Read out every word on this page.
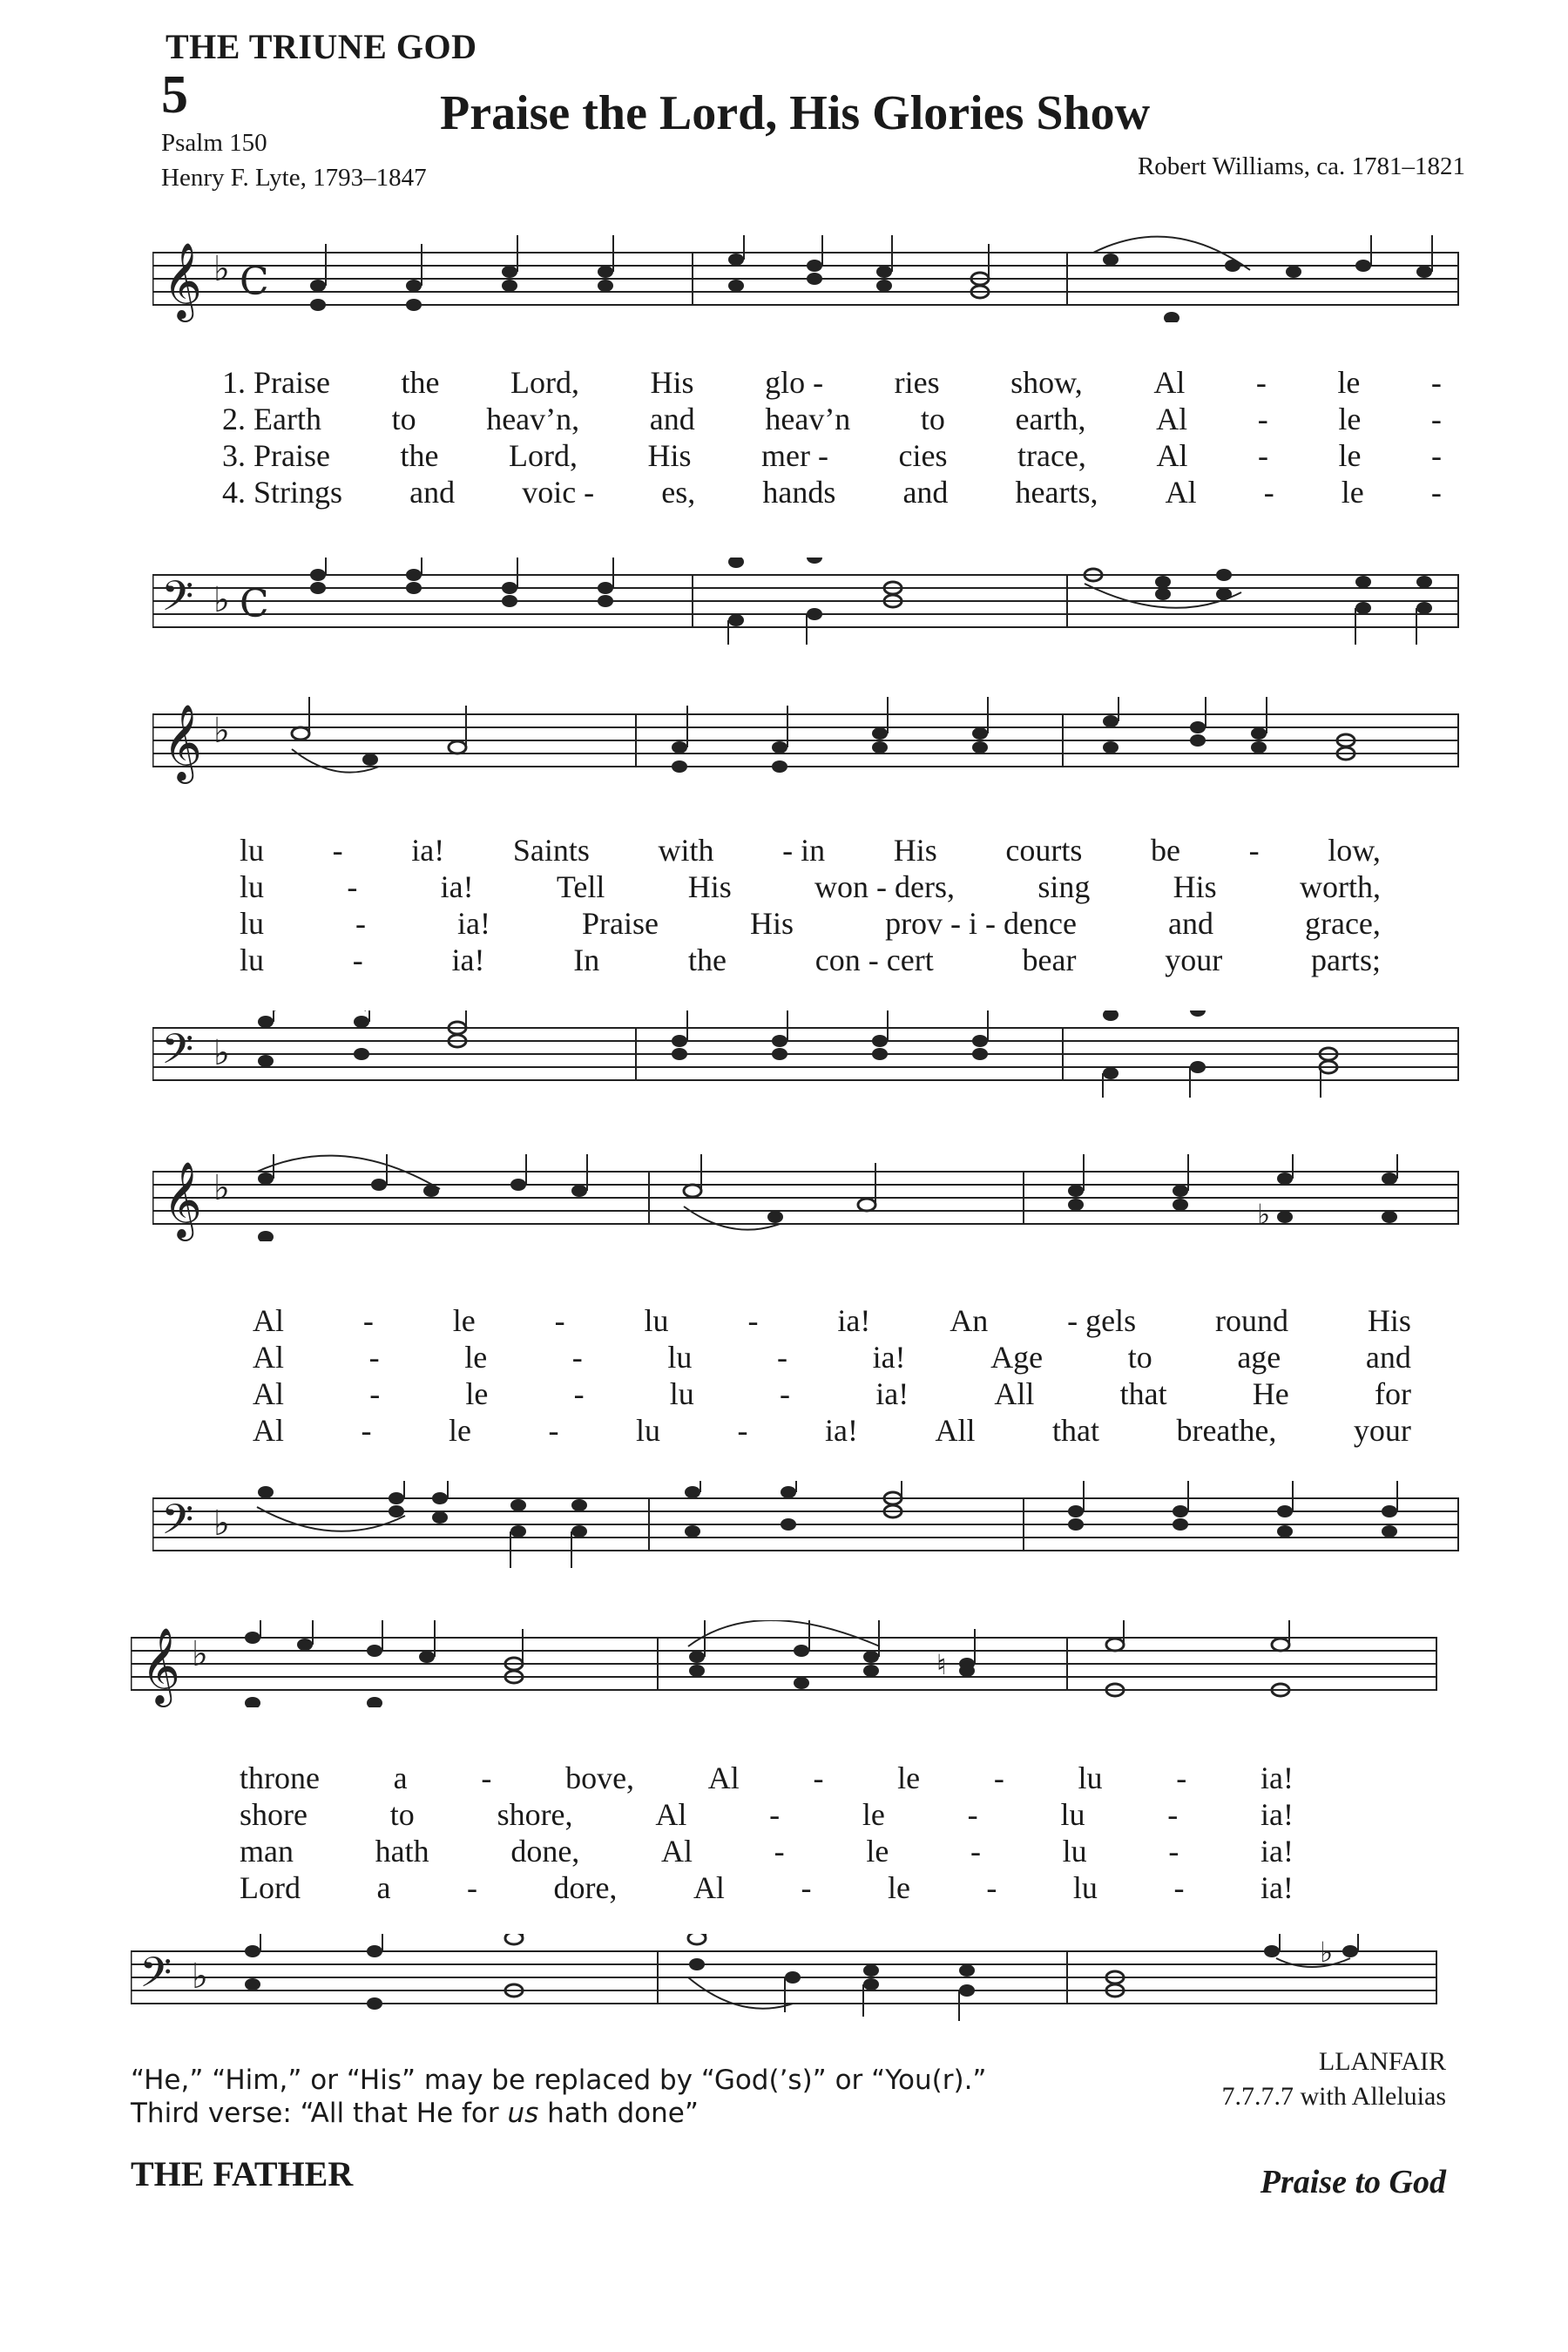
THE TRIUNE GOD
5	Praise the Lord, His Glories Show
Psalm 150
Henry F. Lyte, 1793–1847	Robert Williams, ca. 1781–1821
𝄞 ♭ C
1. Praise the Lord, His glo - ries show, Al - le -
2. Earth to heav’n, and heav’n to earth, Al - le -
3. Praise the Lord, His mer - cies trace, Al - le -
4. Strings and voic - es, hands and hearts, Al - le -
𝄢 ♭ C
𝄞 ♭
lu - ia! Saints with - in His courts be - low,
lu	-	ia!	Tell	His	won - ders,	sing	His	worth,
lu	-	ia!	Praise	His	prov - i - dence	and	grace,
lu	-	ia!	In	the	con - cert	bear	your	parts;
𝄢 ♭
𝄞 ♭
♭
Al	-	le	-	lu	-	ia!	An	- gels	round	His
Al	-	le	-	lu	-	ia!	Age	to	age	and
Al	-	le	-	lu	-	ia!	All	that	He	for
Al - le - lu - ia! All that breathe, your
𝄢 ♭
𝄞 ♭	♮
throne a - bove, Al - le - lu - ia!
shore	to	shore,	Al	-	le	-	lu	-	ia!
man	hath	done,	Al	-	le	-	lu	-	ia!
Lord a - dore, Al - le - lu - ia!
𝄢 ♭
♭
“He,” “Him,” or “His” may be replaced by “God(’s)” or “You(r).”
Third verse: “All that He for us hath done”
LLANFAIR
7.7.7.7 with Alleluias
THE FATHER	Praise to God
